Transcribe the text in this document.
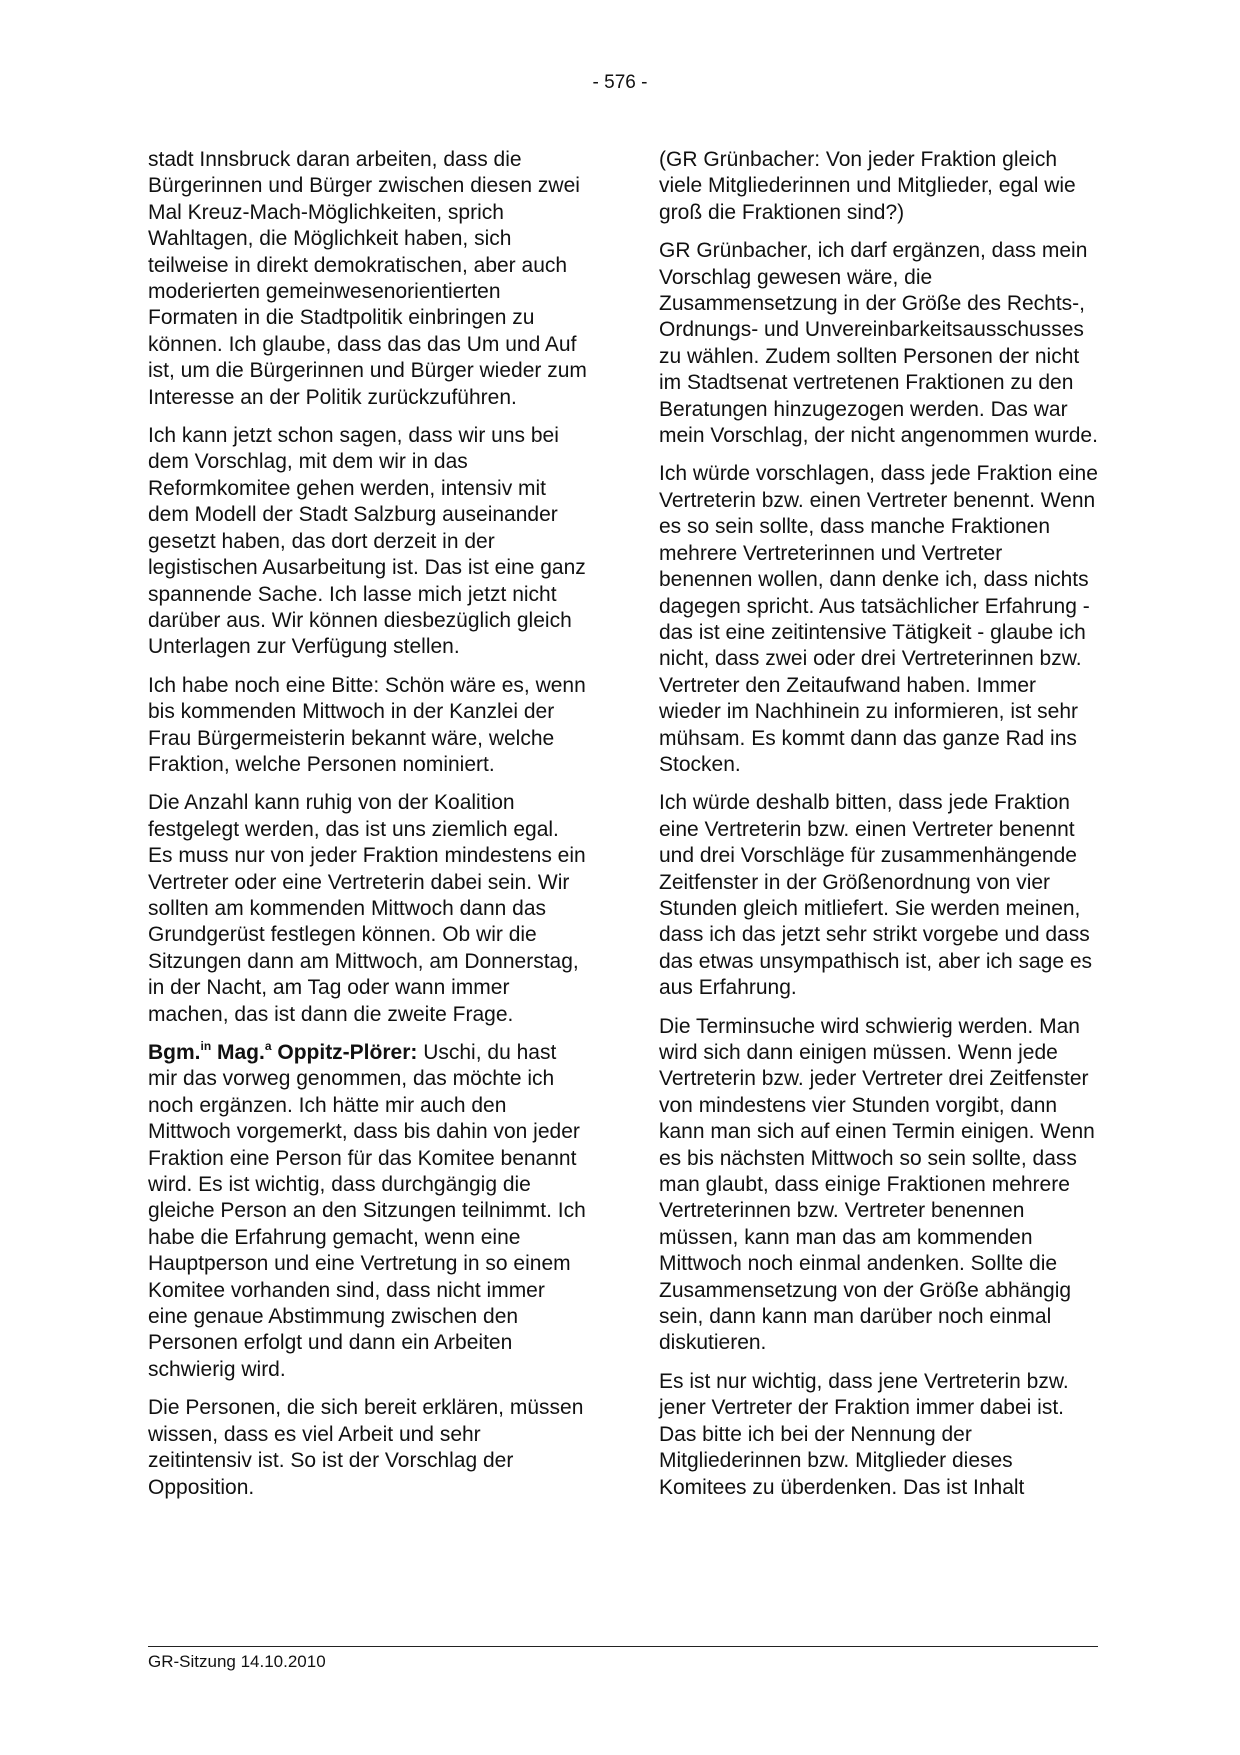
- 576 -

stadt Innsbruck daran arbeiten, dass die Bürgerinnen und Bürger zwischen diesen zwei Mal Kreuz-Mach-Möglichkeiten, sprich Wahltagen, die Möglichkeit haben, sich teilweise in direkt demokratischen, aber auch moderierten gemeinwesenorientierten Formaten in die Stadtpolitik einbringen zu können. Ich glaube, dass das das Um und Auf ist, um die Bürgerinnen und Bürger wieder zum Interesse an der Politik zurückzuführen.

Ich kann jetzt schon sagen, dass wir uns bei dem Vorschlag, mit dem wir in das Reformkomitee gehen werden, intensiv mit dem Modell der Stadt Salzburg auseinander gesetzt haben, das dort derzeit in der legistischen Ausarbeitung ist. Das ist eine ganz spannende Sache. Ich lasse mich jetzt nicht darüber aus. Wir können diesbezüglich gleich Unterlagen zur Verfügung stellen.

Ich habe noch eine Bitte: Schön wäre es, wenn bis kommenden Mittwoch in der Kanzlei der Frau Bürgermeisterin bekannt wäre, welche Fraktion, welche Personen nominiert.

Die Anzahl kann ruhig von der Koalition festgelegt werden, das ist uns ziemlich egal. Es muss nur von jeder Fraktion mindestens ein Vertreter oder eine Vertreterin dabei sein. Wir sollten am kommenden Mittwoch dann das Grundgerüst festlegen können. Ob wir die Sitzungen dann am Mittwoch, am Donnerstag, in der Nacht, am Tag oder wann immer machen, das ist dann die zweite Frage.

Bgm.$^{in}$ Mag.$^a$ Oppitz-Plörer: Uschi, du hast mir das vorweg genommen, das möchte ich noch ergänzen. Ich hätte mir auch den Mittwoch vorgemerkt, dass bis dahin von jeder Fraktion eine Person für das Komitee benannt wird. Es ist wichtig, dass durchgängig die gleiche Person an den Sitzungen teilnimmt. Ich habe die Erfahrung gemacht, wenn eine Hauptperson und eine Vertretung in so einem Komitee vorhanden sind, dass nicht immer eine genaue Abstimmung zwischen den Personen erfolgt und dann ein Arbeiten schwierig wird.

Die Personen, die sich bereit erklären, müssen wissen, dass es viel Arbeit und sehr zeitintensiv ist. So ist der Vorschlag der Opposition.

(GR Grünbacher: Von jeder Fraktion gleich viele Mitgliederinnen und Mitglieder, egal wie groß die Fraktionen sind?)

GR Grünbacher, ich darf ergänzen, dass mein Vorschlag gewesen wäre, die Zusammensetzung in der Größe des Rechts-, Ordnungs- und Unvereinbarkeitsausschusses zu wählen. Zudem sollten Personen der nicht im Stadtsenat vertretenen Fraktionen zu den Beratungen hinzugezogen werden. Das war mein Vorschlag, der nicht angenommen wurde.

Ich würde vorschlagen, dass jede Fraktion eine Vertreterin bzw. einen Vertreter benennt. Wenn es so sein sollte, dass manche Fraktionen mehrere Vertreterinnen und Vertreter benennen wollen, dann denke ich, dass nichts dagegen spricht. Aus tatsächlicher Erfahrung - das ist eine zeitintensive Tätigkeit - glaube ich nicht, dass zwei oder drei Vertreterinnen bzw. Vertreter den Zeitaufwand haben. Immer wieder im Nachhinein zu informieren, ist sehr mühsam. Es kommt dann das ganze Rad ins Stocken.

Ich würde deshalb bitten, dass jede Fraktion eine Vertreterin bzw. einen Vertreter benennt und drei Vorschläge für zusammenhängende Zeitfenster in der Größenordnung von vier Stunden gleich mitliefert. Sie werden meinen, dass ich das jetzt sehr strikt vorgebe und dass das etwas unsympathisch ist, aber ich sage es aus Erfahrung.

Die Terminsuche wird schwierig werden. Man wird sich dann einigen müssen. Wenn jede Vertreterin bzw. jeder Vertreter drei Zeitfenster von mindestens vier Stunden vorgibt, dann kann man sich auf einen Termin einigen. Wenn es bis nächsten Mittwoch so sein sollte, dass man glaubt, dass einige Fraktionen mehrere Vertreterinnen bzw. Vertreter benennen müssen, kann man das am kommenden Mittwoch noch einmal andenken. Sollte die Zusammensetzung von der Größe abhängig sein, dann kann man darüber noch einmal diskutieren.

Es ist nur wichtig, dass jene Vertreterin bzw. jener Vertreter der Fraktion immer dabei ist. Das bitte ich bei der Nennung der Mitgliederinnen bzw. Mitglieder dieses Komitees zu überdenken. Das ist Inhalt

GR-Sitzung 14.10.2010
